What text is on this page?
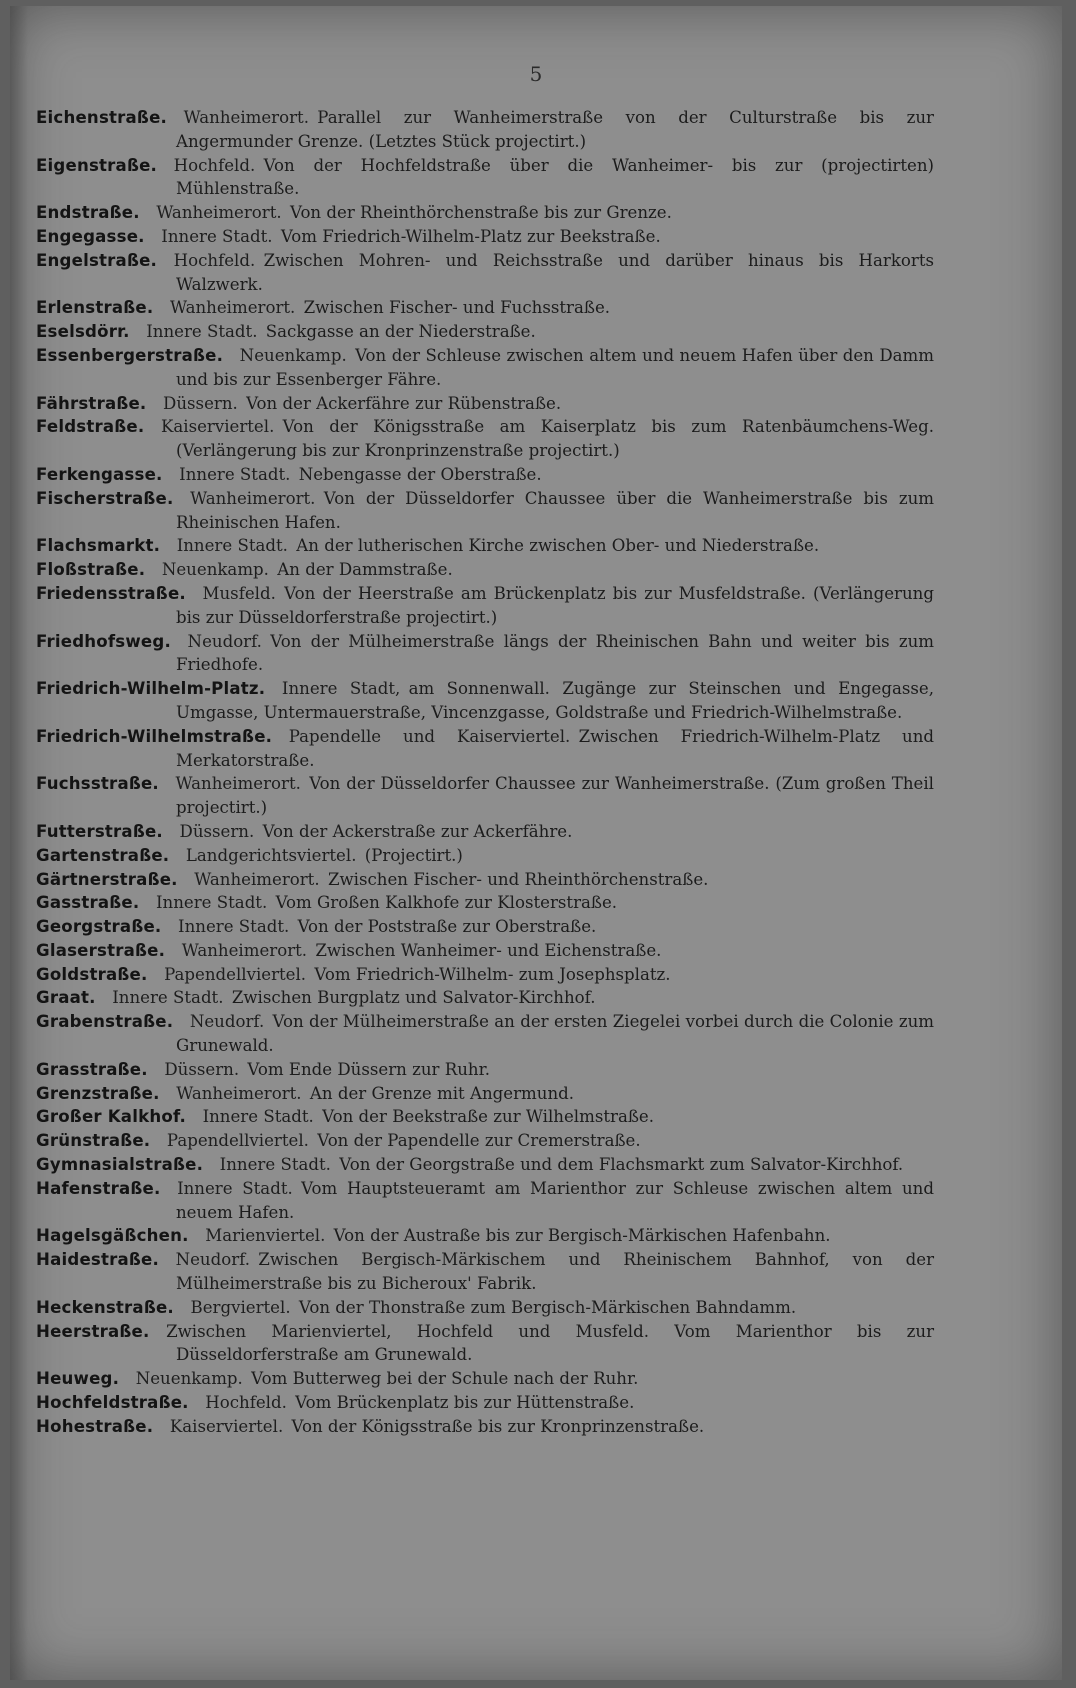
5
Eichenstraße.  Wanheimerort.  Parallel zur Wanheimerstraße von der Culturstraße bis zur Angermunder Grenze. (Letztes Stück projectirt.)
Eigenstraße.  Hochfeld.  Von der Hochfeldstraße über die Wanheimer- bis zur (projectirten) Mühlenstraße.
Endstraße.  Wanheimerort.  Von der Rheinthörchenstraße bis zur Grenze.
Engegasse.  Innere Stadt.  Vom Friedrich-Wilhelm-Platz zur Beekstraße.
Engelstraße.  Hochfeld.  Zwischen Mohren- und Reichsstraße und darüber hinaus bis Harkorts Walzwerk.
Erlenstraße.  Wanheimerort.  Zwischen Fischer- und Fuchsstraße.
Eselsdörr.  Innere Stadt.  Sackgasse an der Niederstraße.
Essenbergerstraße.  Neuenkamp.  Von der Schleuse zwischen altem und neuem Hafen über den Damm und bis zur Essenberger Fähre.
Fährstraße.  Düssern.  Von der Ackerfähre zur Rübenstraße.
Feldstraße.  Kaiserviertel.  Von der Königsstraße am Kaiserplatz bis zum Ratenbäumchens-Weg. (Verlängerung bis zur Kronprinzenstraße projectirt.)
Ferkengasse.  Innere Stadt.  Nebengasse der Oberstraße.
Fischerstraße.  Wanheimerort.  Von der Düsseldorfer Chaussee über die Wanheimerstraße bis zum Rheinischen Hafen.
Flachsmarkt.  Innere Stadt.  An der lutherischen Kirche zwischen Ober- und Niederstraße.
Floßstraße.  Neuenkamp.  An der Dammstraße.
Friedensstraße.  Musfeld.  Von der Heerstraße am Brückenplatz bis zur Musfeldstraße. (Verlängerung bis zur Düsseldorferstraße projectirt.)
Friedhofsweg.  Neudorf.  Von der Mülheimerstraße längs der Rheinischen Bahn und weiter bis zum Friedhofe.
Friedrich-Wilhelm-Platz.  Innere Stadt,  am Sonnenwall. Zugänge zur Steinschen und Engegasse, Umgasse, Untermauerstraße, Vincenzgasse, Goldstraße und Friedrich-Wilhelmstraße.
Friedrich-Wilhelmstraße.  Papendelle und Kaiserviertel.  Zwischen Friedrich-Wilhelm-Platz und Merkatorstraße.
Fuchsstraße.  Wanheimerort.  Von der Düsseldorfer Chaussee zur Wanheimerstraße. (Zum großen Theil projectirt.)
Futterstraße.  Düssern.  Von der Ackerstraße zur Ackerfähre.
Gartenstraße.  Landgerichtsviertel.  (Projectirt.)
Gärtnerstraße.  Wanheimerort.  Zwischen Fischer- und Rheinthörchenstraße.
Gasstraße.  Innere Stadt.  Vom Großen Kalkhofe zur Klosterstraße.
Georgstraße.  Innere Stadt.  Von der Poststraße zur Oberstraße.
Glaserstraße.  Wanheimerort.  Zwischen Wanheimer- und Eichenstraße.
Goldstraße.  Papendellviertel.  Vom Friedrich-Wilhelm- zum Josephsplatz.
Graat.  Innere Stadt.  Zwischen Burgplatz und Salvator-Kirchhof.
Grabenstraße.  Neudorf.  Von der Mülheimerstraße an der ersten Ziegelei vorbei durch die Colonie zum Grunewald.
Grasstraße.  Düssern.  Vom Ende Düssern zur Ruhr.
Grenzstraße.  Wanheimerort.  An der Grenze mit Angermund.
Großer Kalkhof.  Innere Stadt.  Von der Beekstraße zur Wilhelmstraße.
Grünstraße.  Papendellviertel.  Von der Papendelle zur Cremerstraße.
Gymnasialstraße.  Innere Stadt.  Von der Georgstraße und dem Flachsmarkt zum Salvator-Kirchhof.
Hafenstraße.  Innere Stadt.  Vom Hauptsteueramt am Marienthor zur Schleuse zwischen altem und neuem Hafen.
Hagelsgäßchen.  Marienviertel.  Von der Austraße bis zur Bergisch-Märkischen Hafenbahn.
Haidestraße.  Neudorf.  Zwischen Bergisch-Märkischem und Rheinischem Bahnhof, von der Mülheimerstraße bis zu Bicheroux' Fabrik.
Heckenstraße.  Bergviertel.  Von der Thonstraße zum Bergisch-Märkischen Bahndamm.
Heerstraße.  Zwischen Marienviertel, Hochfeld und Musfeld. Vom Marienthor bis zur Düsseldorferstraße am Grunewald.
Heuweg.  Neuenkamp.  Vom Butterweg bei der Schule nach der Ruhr.
Hochfeldstraße.  Hochfeld.  Vom Brückenplatz bis zur Hüttenstraße.
Hohestraße.  Kaiserviertel.  Von der Königsstraße bis zur Kronprinzenstraße.
